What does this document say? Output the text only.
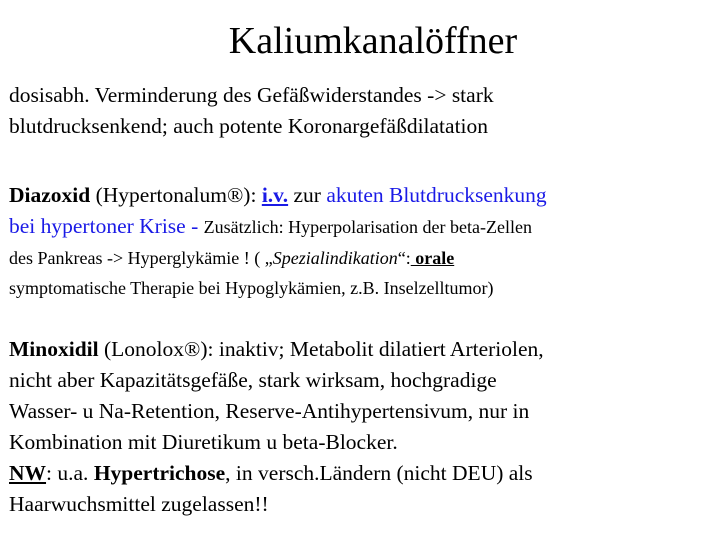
Kaliumkanalöffner
dosisabh. Verminderung des Gefäßwiderstandes -> stark
blutdrucksenkend; auch potente Koronargefäßdilatation
Diazoxid (Hypertonalum®): i.v. zur akuten Blutdrucksenkung
bei hypertoner Krise - Zusätzlich: Hyperpolarisation der beta-Zellen
des Pankreas -> Hyperglykämie ! ( „Spezialindikation“: orale
symptomatische Therapie bei Hypoglykämien, z.B. Inselzelltumor)
Minoxidil (Lonolox®): inaktiv; Metabolit dilatiert Arteriolen,
nicht aber Kapazitätsgefäße, stark wirksam, hochgradige
Wasser- u Na-Retention, Reserve-Antihypertensivum, nur in
Kombination mit Diuretikum u beta-Blocker.
NW: u.a. Hypertrichose, in versch.Ländern (nicht DEU) als
Haarwuchsmittel zugelassen!!
